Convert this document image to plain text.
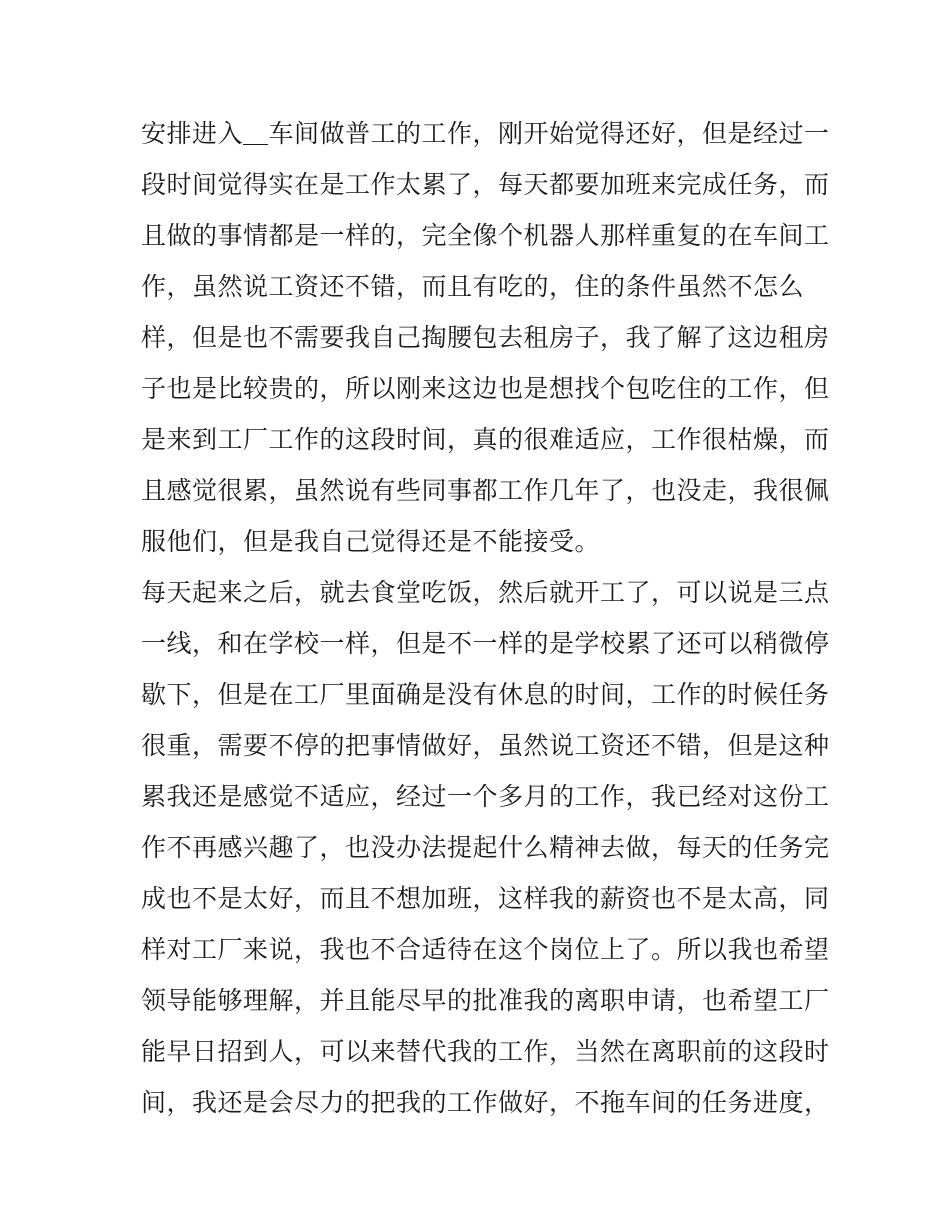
安排进入＿车间做普工的工作，刚开始觉得还好，但是经过一
段时间觉得实在是工作太累了，每天都要加班来完成任务，而
且做的事情都是一样的，完全像个机器人那样重复的在车间工
作，虽然说工资还不错，而且有吃的，住的条件虽然不怎么
样，但是也不需要我自己掏腰包去租房子，我了解了这边租房
子也是比较贵的，所以刚来这边也是想找个包吃住的工作，但
是来到工厂工作的这段时间，真的很难适应，工作很枯燥，而
且感觉很累，虽然说有些同事都工作几年了，也没走，我很佩
服他们，但是我自己觉得还是不能接受。
每天起来之后，就去食堂吃饭，然后就开工了，可以说是三点
一线，和在学校一样，但是不一样的是学校累了还可以稍微停
歇下，但是在工厂里面确是没有休息的时间，工作的时候任务
很重，需要不停的把事情做好，虽然说工资还不错，但是这种
累我还是感觉不适应，经过一个多月的工作，我已经对这份工
作不再感兴趣了，也没办法提起什么精神去做，每天的任务完
成也不是太好，而且不想加班，这样我的薪资也不是太高，同
样对工厂来说，我也不合适待在这个岗位上了。所以我也希望
领导能够理解，并且能尽早的批准我的离职申请，也希望工厂
能早日招到人，可以来替代我的工作，当然在离职前的这段时
间，我还是会尽力的把我的工作做好，不拖车间的任务进度，
